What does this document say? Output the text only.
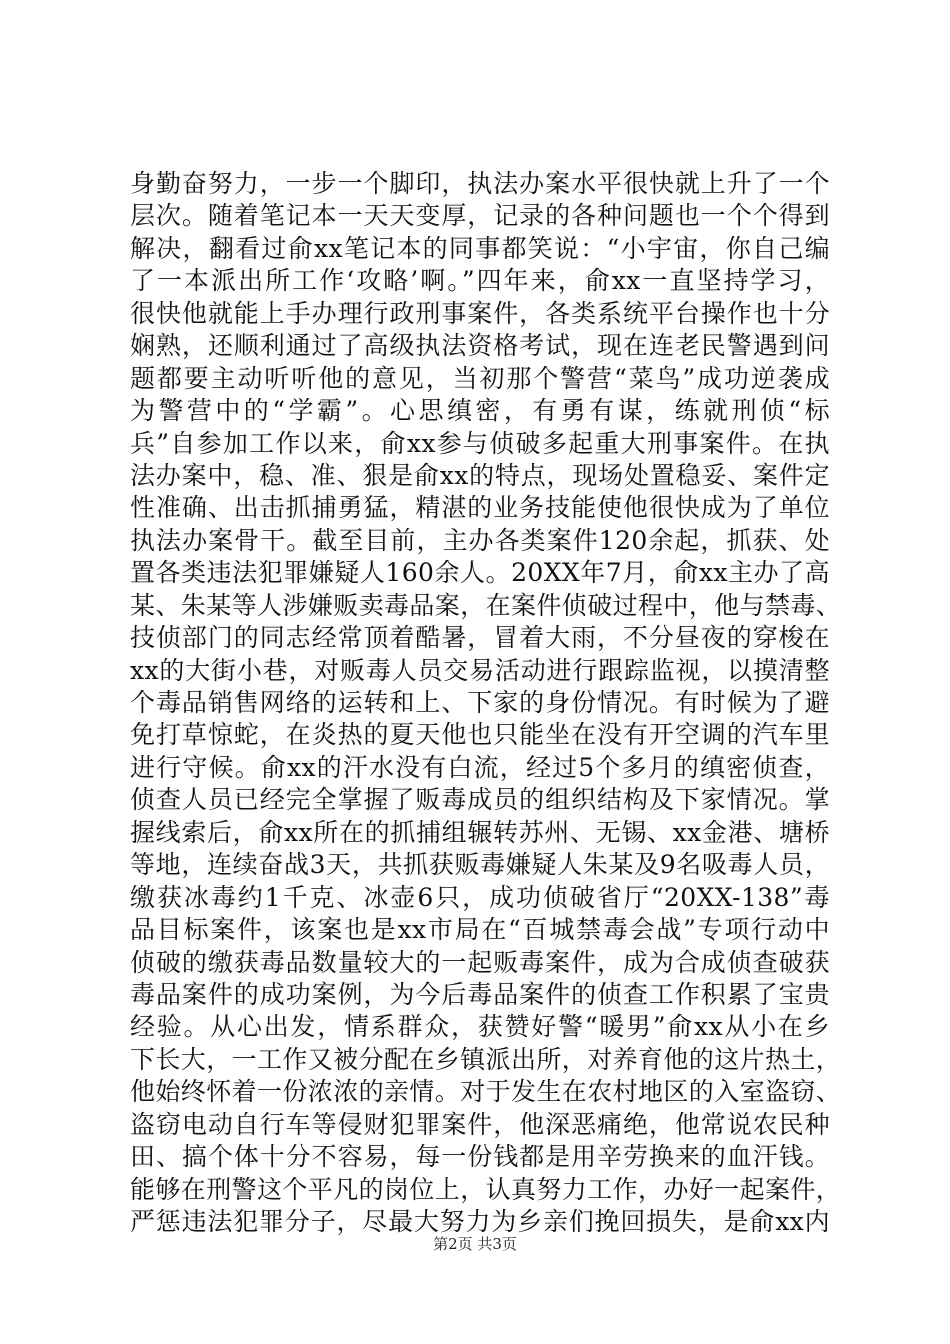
身勤奋努力，一步一个脚印，执法办案水平很快就上升了一个
层次。随着笔记本一天天变厚，记录的各种问题也一个个得到
解决，翻看过俞xx笔记本的同事都笑说：“小宇宙，你自己编
了一本派出所工作‘攻略’啊。”四年来，俞xx一直坚持学习，
很快他就能上手办理行政刑事案件，各类系统平台操作也十分
娴熟，还顺利通过了高级执法资格考试，现在连老民警遇到问
题都要主动听听他的意见，当初那个警营“菜鸟”成功逆袭成
为警营中的“学霸”。心思缜密，有勇有谋，练就刑侦“标
兵”自参加工作以来，俞xx参与侦破多起重大刑事案件。在执
法办案中，稳、准、狠是俞xx的特点，现场处置稳妥、案件定
性准确、出击抓捕勇猛，精湛的业务技能使他很快成为了单位
执法办案骨干。截至目前，主办各类案件120余起，抓获、处
置各类违法犯罪嫌疑人160余人。20XX年7月，俞xx主办了高
某、朱某等人涉嫌贩卖毒品案，在案件侦破过程中，他与禁毒、
技侦部门的同志经常顶着酷暑，冒着大雨，不分昼夜的穿梭在
xx的大街小巷，对贩毒人员交易活动进行跟踪监视，以摸清整
个毒品销售网络的运转和上、下家的身份情况。有时候为了避
免打草惊蛇，在炎热的夏天他也只能坐在没有开空调的汽车里
进行守候。俞xx的汗水没有白流，经过5个多月的缜密侦查，
侦查人员已经完全掌握了贩毒成员的组织结构及下家情况。掌
握线索后，俞xx所在的抓捕组辗转苏州、无锡、xx金港、塘桥
等地，连续奋战3天，共抓获贩毒嫌疑人朱某及9名吸毒人员，
缴获冰毒约1千克、冰壶6只，成功侦破省厅“20XX-138”毒
品目标案件，该案也是xx市局在“百城禁毒会战”专项行动中
侦破的缴获毒品数量较大的一起贩毒案件，成为合成侦查破获
毒品案件的成功案例，为今后毒品案件的侦查工作积累了宝贵
经验。从心出发，情系群众，获赞好警“暖男”俞xx从小在乡
下长大，一工作又被分配在乡镇派出所，对养育他的这片热土，
他始终怀着一份浓浓的亲情。对于发生在农村地区的入室盗窃、
盗窃电动自行车等侵财犯罪案件，他深恶痛绝，他常说农民种
田、搞个体十分不容易，每一份钱都是用辛劳换来的血汗钱。
能够在刑警这个平凡的岗位上，认真努力工作，办好一起案件，
严惩违法犯罪分子，尽最大努力为乡亲们挽回损失，是俞xx内
第2页 共3页
